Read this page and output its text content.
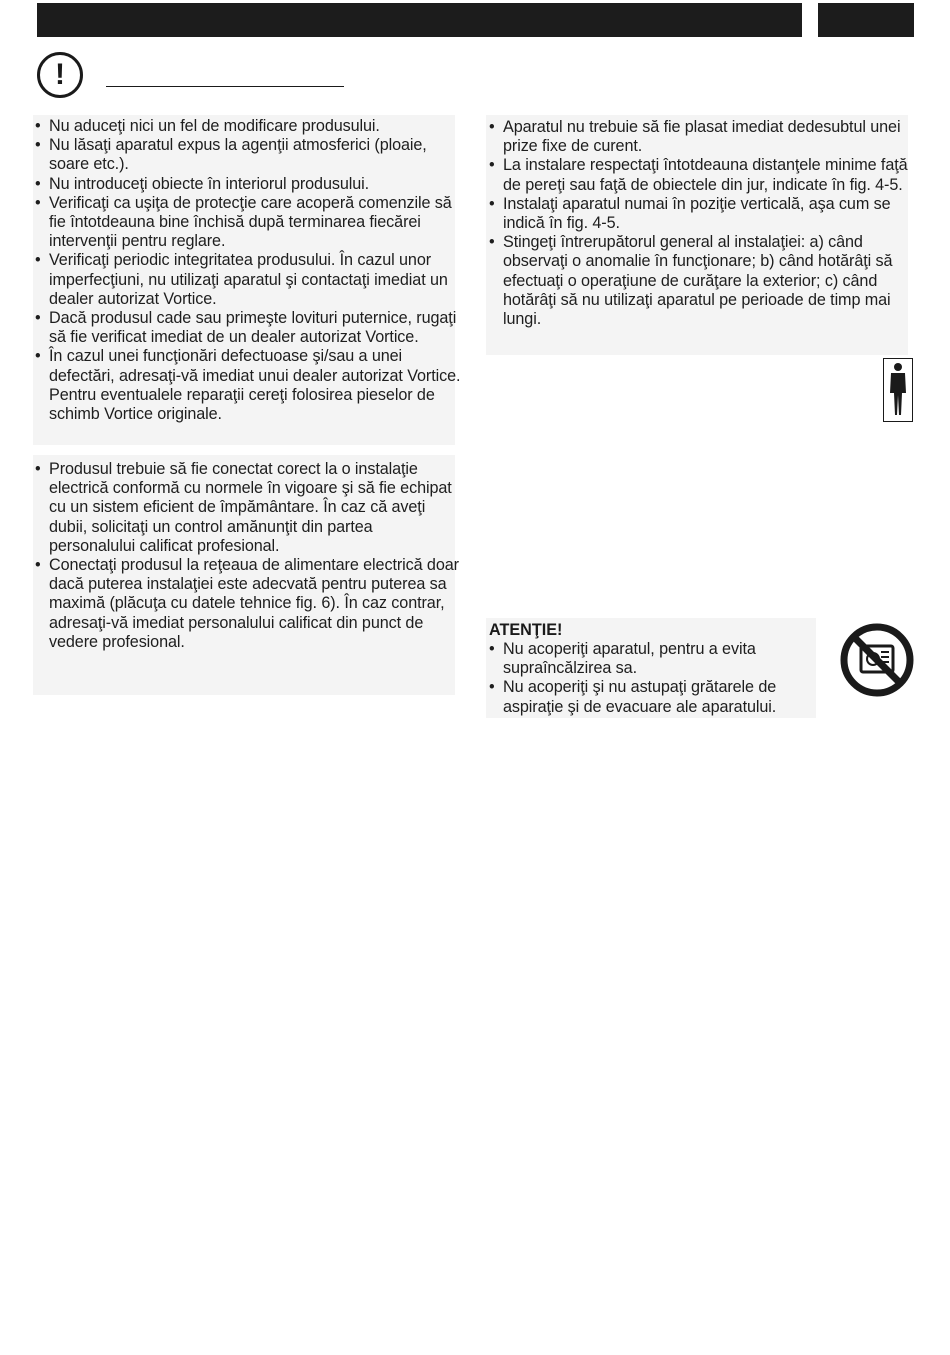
!
• Nu aduceţi nici un fel de modificare produsului.
• Nu lăsaţi aparatul expus la agenţii atmosferici (ploaie, soare etc.).
• Nu introduceţi obiecte în interiorul produsului.
• Verificaţi ca uşiţa de protecţie care acoperă comenzile să fie întotdeauna bine închisă după terminarea fiecărei intervenţii pentru reglare.
• Verificaţi periodic integritatea produsului. În cazul unor imperfecţiuni, nu utilizaţi aparatul şi contactaţi imediat un dealer autorizat Vortice.
• Dacă produsul cade sau primeşte lovituri puternice, rugaţi să fie verificat imediat de un dealer autorizat Vortice.
• În cazul unei funcţionări defectuoase şi/sau a unei defectări, adresaţi-vă imediat unui dealer autorizat Vortice. Pentru eventualele reparaţii cereţi folosirea pieselor de schimb Vortice originale.
• Produsul trebuie să fie conectat corect la o instalaţie electrică conformă cu normele în vigoare şi să fie echipat cu un sistem eficient de împământare. În caz că aveţi dubii, solicitaţi un control amănunţit din partea personalului calificat profesional.
• Conectaţi produsul la reţeaua de alimentare electrică doar dacă puterea instalaţiei este adecvată pentru puterea sa maximă (plăcuţa cu datele tehnice fig. 6). În caz contrar, adresaţi-vă imediat personalului calificat din punct de vedere profesional.
• Aparatul nu trebuie să fie plasat imediat dedesubtul unei prize fixe de curent.
• La instalare respectaţi întotdeauna distanţele minime faţă de pereţi sau faţă de obiectele din jur, indicate în fig. 4-5.
• Instalaţi aparatul numai în poziţie verticală, aşa cum se indică în fig. 4-5.
• Stingeţi întrerupătorul general al instalaţiei: a) când observaţi o anomalie în funcţionare; b) când hotărâţi să efectuaţi o operaţiune de curăţare la exterior; c) când hotărâţi să nu utilizaţi aparatul pe perioade de timp mai lungi.
ATENŢIE!
• Nu acoperiţi aparatul, pentru a evita supraîncălzirea sa.
• Nu acoperiţi şi nu astupaţi grătarele de aspiraţie şi de evacuare ale aparatului.
